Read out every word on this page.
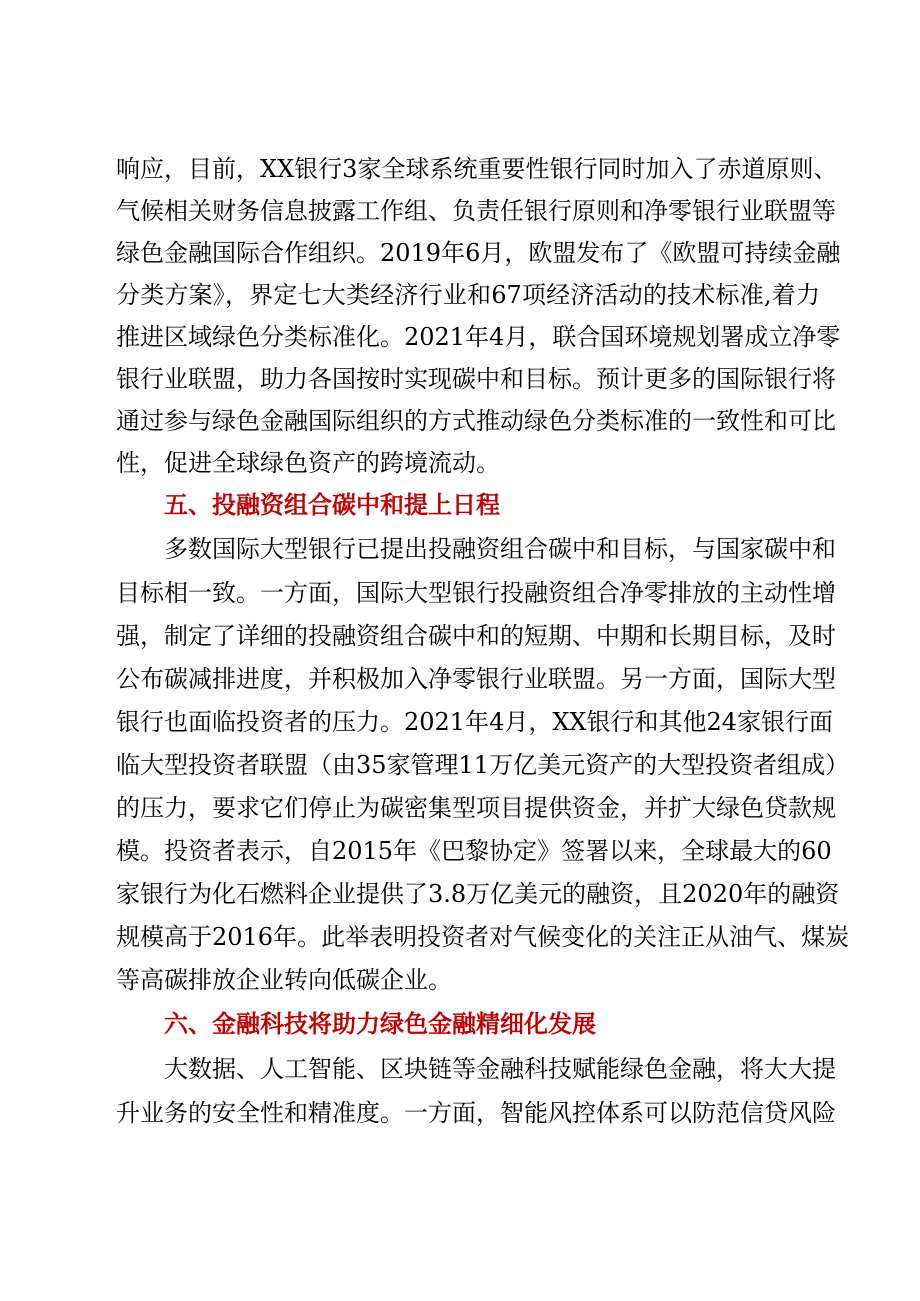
响应，目前，XX银行3家全球系统重要性银行同时加入了赤道原则、
气候相关财务信息披露工作组、负责任银行原则和净零银行业联盟等
绿色金融国际合作组织。2019年6月，欧盟发布了《欧盟可持续金融
分类方案》，界定七大类经济行业和67项经济活动的技术标准,着力
推进区域绿色分类标准化。2021年4月，联合国环境规划署成立净零
银行业联盟，助力各国按时实现碳中和目标。预计更多的国际银行将
通过参与绿色金融国际组织的方式推动绿色分类标准的一致性和可比
性，促进全球绿色资产的跨境流动。
五、投融资组合碳中和提上日程
多数国际大型银行已提出投融资组合碳中和目标，与国家碳中和
目标相一致。一方面，国际大型银行投融资组合净零排放的主动性增
强，制定了详细的投融资组合碳中和的短期、中期和长期目标，及时
公布碳减排进度，并积极加入净零银行业联盟。另一方面，国际大型
银行也面临投资者的压力。2021年4月，XX银行和其他24家银行面
临大型投资者联盟（由35家管理11万亿美元资产的大型投资者组成）
的压力，要求它们停止为碳密集型项目提供资金，并扩大绿色贷款规
模。投资者表示，自2015年《巴黎协定》签署以来，全球最大的60
家银行为化石燃料企业提供了3.8万亿美元的融资，且2020年的融资
规模高于2016年。此举表明投资者对气候变化的关注正从油气、煤炭
等高碳排放企业转向低碳企业。
六、金融科技将助力绿色金融精细化发展
大数据、人工智能、区块链等金融科技赋能绿色金融，将大大提
升业务的安全性和精准度。一方面，智能风控体系可以防范信贷风险
